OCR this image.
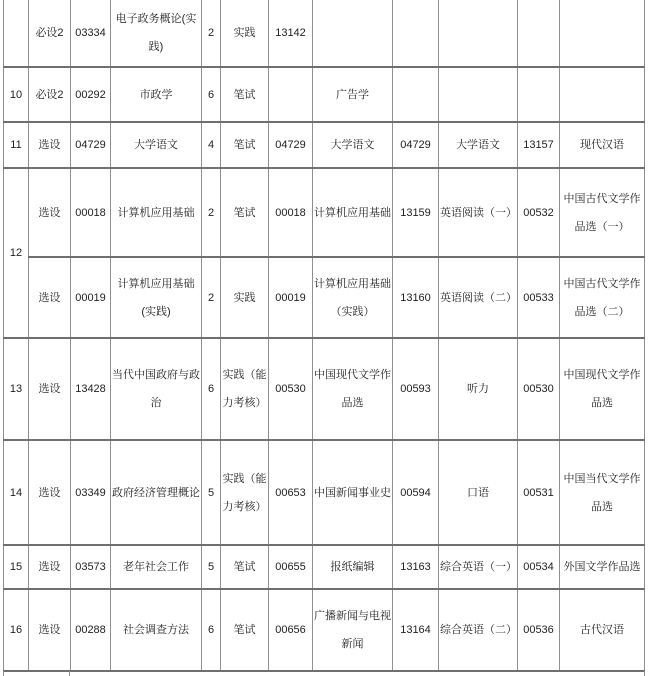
	必设2	03334	电子政务概论(实践)	2	实践	13142					
10	必设2	00292	市政学	6	笔试		广告学				
11	选设	04729	大学语文	4	笔试	04729	大学语文	04729	大学语文	13157	现代汉语
12	选设	00018	计算机应用基础	2	笔试	00018	计算机应用基础	13159	英语阅读（一）	00532	中国古代文学作品选（一）
	选设	00019	计算机应用基础(实践)	2	实践	00019	计算机应用基础（实践）	13160	英语阅读（二）	00533	中国古代文学作品选（二）
13	选设	13428	当代中国政府与政治	6	实践（能力考核）	00530	中国现代文学作品选	00593	听力	00530	中国现代文学作品选
14	选设	03349	政府经济管理概论	5	实践（能力考核）	00653	中国新闻事业史	00594	口语	00531	中国当代文学作品选
15	选设	03573	老年社会工作	5	笔试	00655	报纸编辑	13163	综合英语（一）	00534	外国文学作品选
16	选设	00288	社会调查方法	6	笔试	00656	广播新闻与电视新闻	13164	综合英语（二）	00536	古代汉语
